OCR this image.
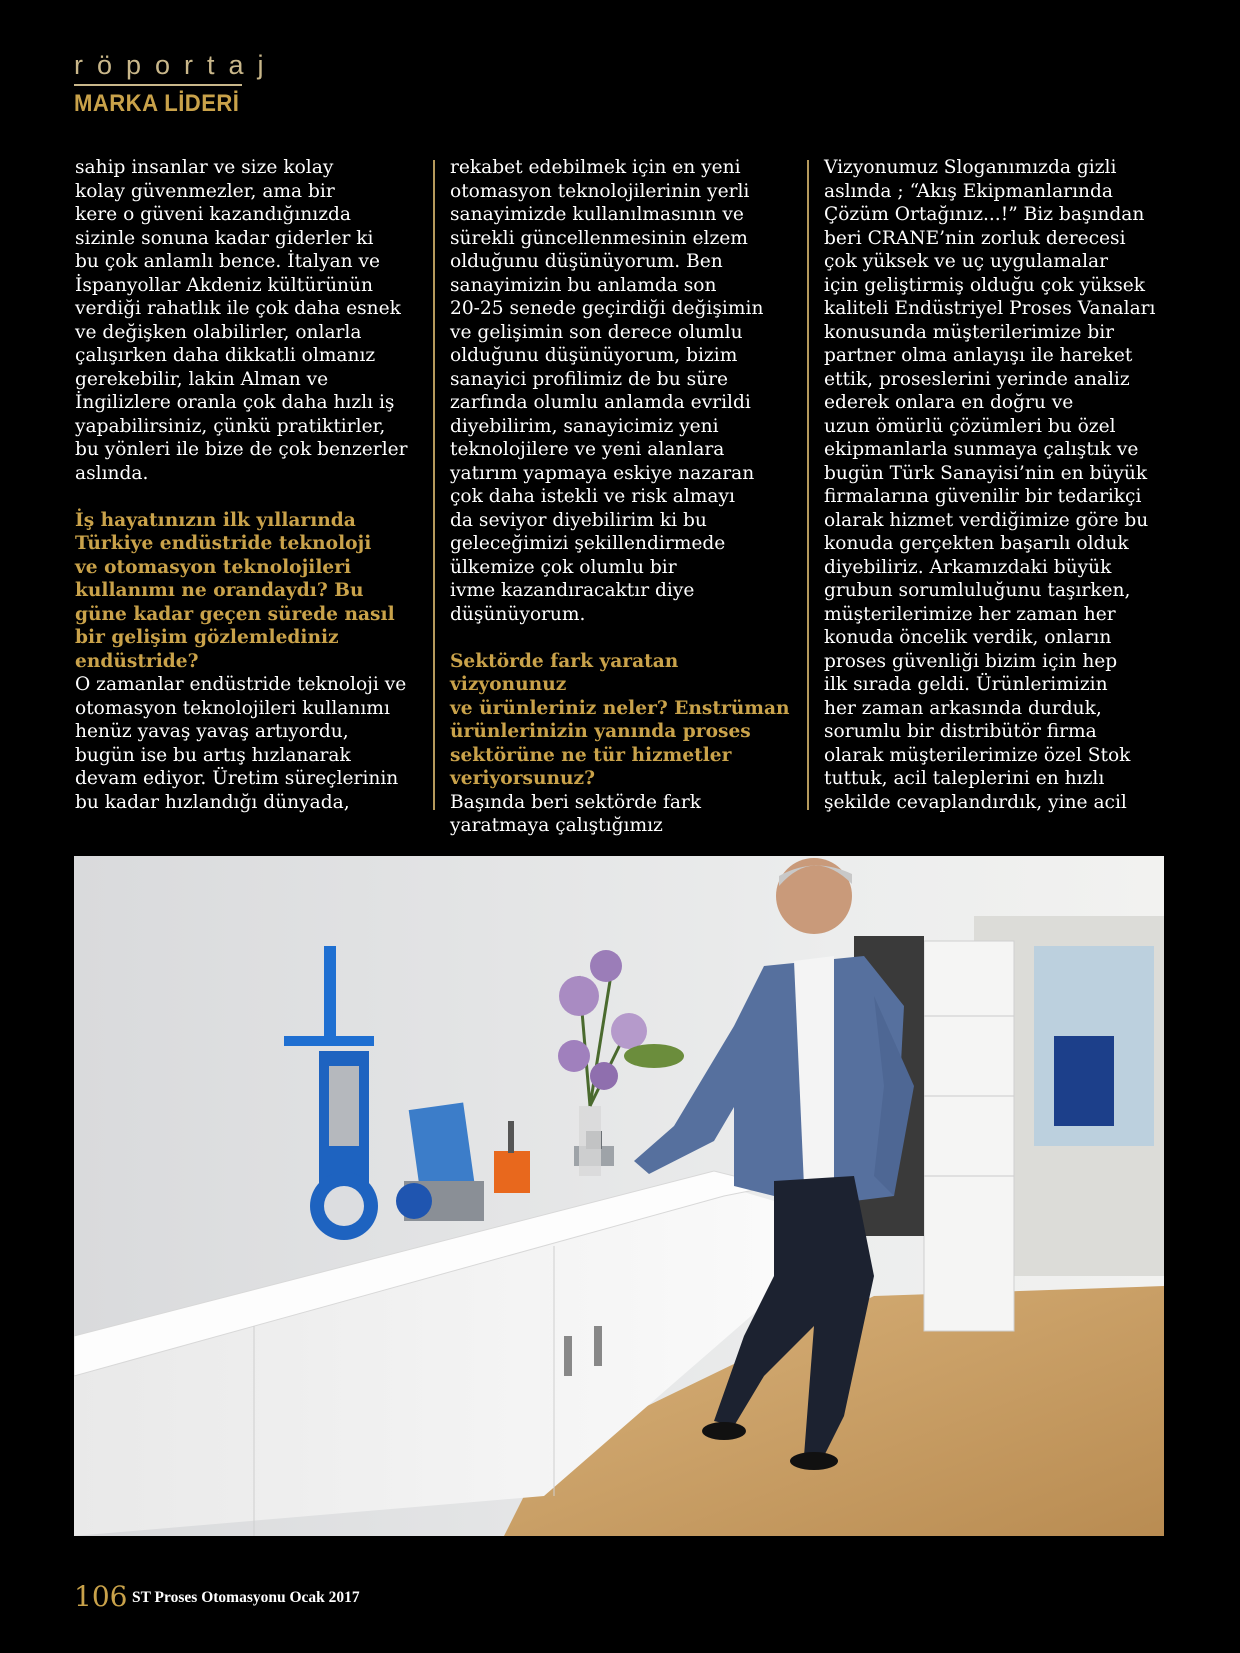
röportaj
MARKA LİDERİ

sahip insanlar ve size kolay

kolay güvenmezler, ama bir

kere o güveni kazandığınızda

sizinle sonuna kadar giderler ki

bu çok anlamlı bence. İtalyan ve

İspanyollar Akdeniz kültürünün

verdiği rahatlık ile çok daha esnek

ve değişken olabilirler, onlarla

çalışırken daha dikkatli olmanız

gerekebilir, lakin Alman ve

İngilizlere oranla çok daha hızlı iş

yapabilirsiniz, çünkü pratiktirler,

bu yönleri ile bize de çok benzerler

aslında.

İş hayatınızın ilk yıllarında

Türkiye endüstride teknoloji

ve otomasyon teknolojileri

kullanımı ne orandaydı? Bu

güne kadar geçen sürede nasıl

bir gelişim gözlemlediniz

endüstride?

O zamanlar endüstride teknoloji ve

otomasyon teknolojileri kullanımı

henüz yavaş yavaş artıyordu,

bugün ise bu artış hızlanarak

devam ediyor. Üretim süreçlerinin

bu kadar hızlandığı dünyada,

rekabet edebilmek için en yeni

otomasyon teknolojilerinin yerli

sanayimizde kullanılmasının ve

sürekli güncellenmesinin elzem

olduğunu düşünüyorum. Ben

sanayimizin bu anlamda son

20-25 senede geçirdiği değişimin

ve gelişimin son derece olumlu

olduğunu düşünüyorum, bizim

sanayici profilimiz de bu süre

zarfında olumlu anlamda evrildi

diyebilirim, sanayicimiz yeni

teknolojilere ve yeni alanlara

yatırım yapmaya eskiye nazaran

çok daha istekli ve risk almayı

da seviyor diyebilirim ki bu

geleceğimizi şekillendirmede

ülkemize çok olumlu bir

ivme kazandıracaktır diye

düşünüyorum.

Sektörde fark yaratan vizyonunuz

ve ürünleriniz neler? Enstrüman

ürünlerinizin yanında proses

sektörüne ne tür hizmetler

veriyorsunuz?

Başında beri sektörde fark

yaratmaya çalıştığımız

Vizyonumuz Sloganımızda gizli

aslında ; “Akış Ekipmanlarında

Çözüm Ortağınız...!” Biz başından

beri CRANE’nin zorluk derecesi

çok yüksek ve uç uygulamalar

için geliştirmiş olduğu çok yüksek

kaliteli Endüstriyel Proses Vanaları

konusunda müşterilerimize bir

partner olma anlayışı ile hareket

ettik, proseslerini yerinde analiz

ederek onlara en doğru ve

uzun ömürlü çözümleri bu özel

ekipmanlarla sunmaya çalıştık ve

bugün Türk Sanayisi’nin en büyük

firmalarına güvenilir bir tedarikçi

olarak hizmet verdiğimize göre bu

konuda gerçekten başarılı olduk

diyebiliriz. Arkamızdaki büyük

grubun sorumluluğunu taşırken,

müşterilerimize her zaman her

konuda öncelik verdik, onların

proses güvenliği bizim için hep

ilk sırada geldi. Ürünlerimizin

her zaman arkasında durduk,

sorumlu bir distribütör firma

olarak müşterilerimize özel Stok

tuttuk, acil taleplerini en hızlı

şekilde cevaplandırdık, yine acil

106 ST Proses Otomasyonu Ocak 2017
